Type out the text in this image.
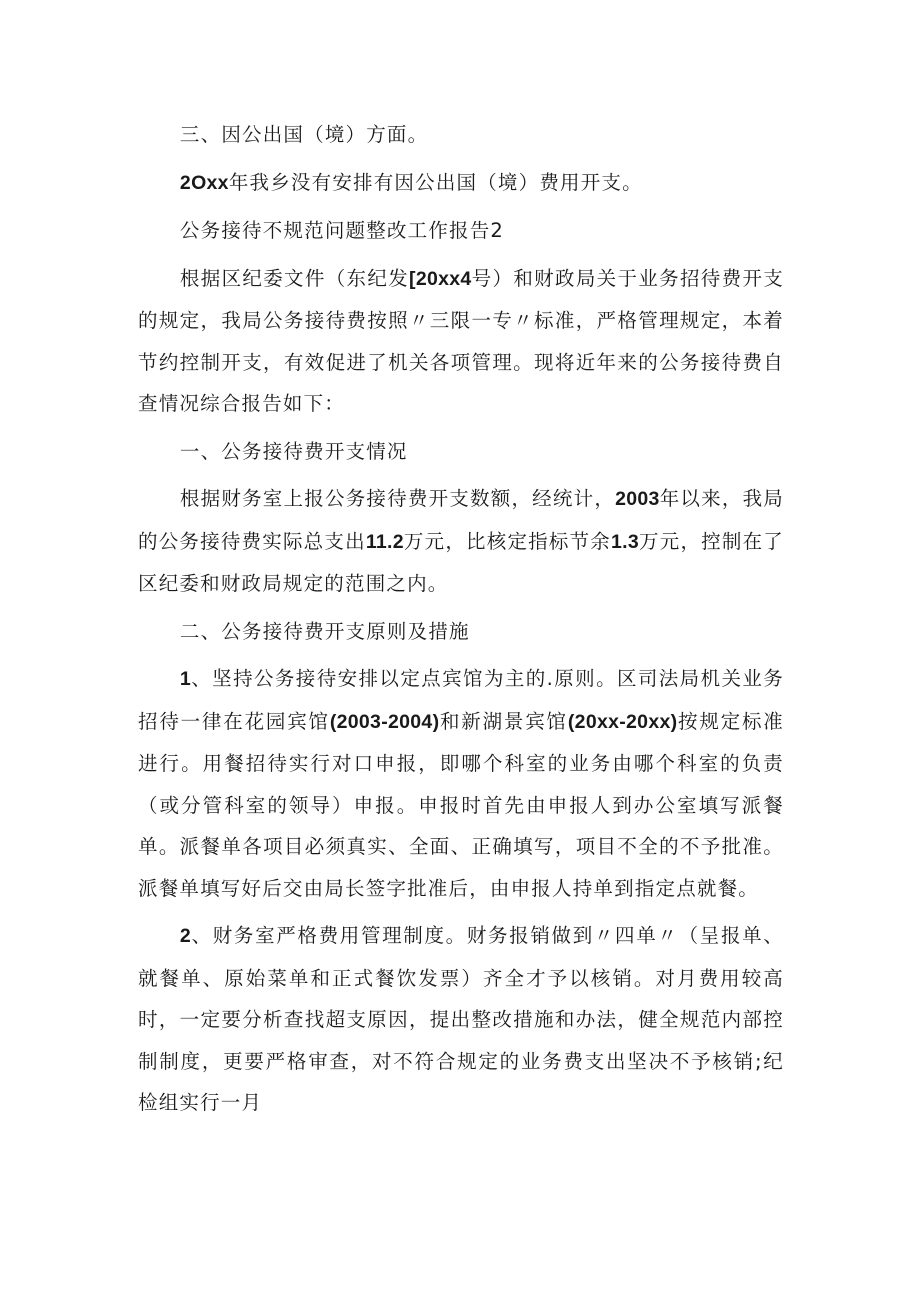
三、因公出国（境）方面。

2Oxx年我乡没有安排有因公出国（境）费用开支。

公务接待不规范问题整改工作报告2

根据区纪委文件（东纪发[20xx4号）和财政局关于业务招待费开支的规定，我局公务接待费按照〃三限一专〃标准，严格管理规定，本着节约控制开支，有效促进了机关各项管理。现将近年来的公务接待费自查情况综合报告如下：

一、公务接待费开支情况

根据财务室上报公务接待费开支数额，经统计，2003年以来，我局的公务接待费实际总支出11.2万元，比核定指标节余1.3万元，控制在了区纪委和财政局规定的范围之内。

二、公务接待费开支原则及措施

1、坚持公务接待安排以定点宾馆为主的.原则。区司法局机关业务招待一律在花园宾馆(2003-2004)和新湖景宾馆(20xx-20xx)按规定标准进行。用餐招待实行对口申报，即哪个科室的业务由哪个科室的负责（或分管科室的领导）申报。申报时首先由申报人到办公室填写派餐单。派餐单各项目必须真实、全面、正确填写，项目不全的不予批准。派餐单填写好后交由局长签字批准后，由申报人持单到指定点就餐。

2、财务室严格费用管理制度。财务报销做到〃四单〃（呈报单、就餐单、原始菜单和正式餐饮发票）齐全才予以核销。对月费用较高时，一定要分析查找超支原因，提出整改措施和办法，健全规范内部控制制度，更要严格审查，对不符合规定的业务费支出坚决不予核销;纪检组实行一月
